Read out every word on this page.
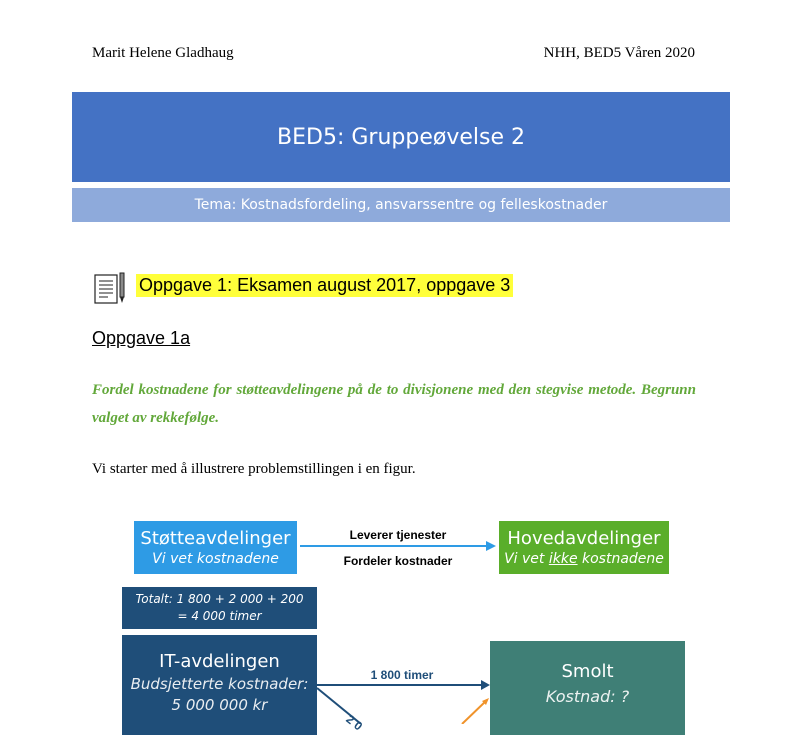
Marit Helene Gladhaug	NHH, BED5 Våren 2020
BED5: Gruppeøvelse 2
Tema: Kostnadsfordeling, ansvarssentre og felleskostnader
Oppgave 1: Eksamen august 2017, oppgave 3
Oppgave 1a
Fordel kostnadene for støtteavdelingene på de to divisjonene med den stegvise metode. Begrunn valget av rekkefølge.
Vi starter med å illustrere problemstillingen i en figur.
Støtteavdelinger
Vi vet kostnadene
Leverer tjenester
Fordeler kostnader
Hovedavdelinger
Vi vet ikke kostnadene
Totalt: 1 800 + 2 000 + 200
= 4 000 timer
IT-avdelingen
Budsjetterte kostnader:
5 000 000 kr
1 800 timer
2 0
Smolt
Kostnad: ?
